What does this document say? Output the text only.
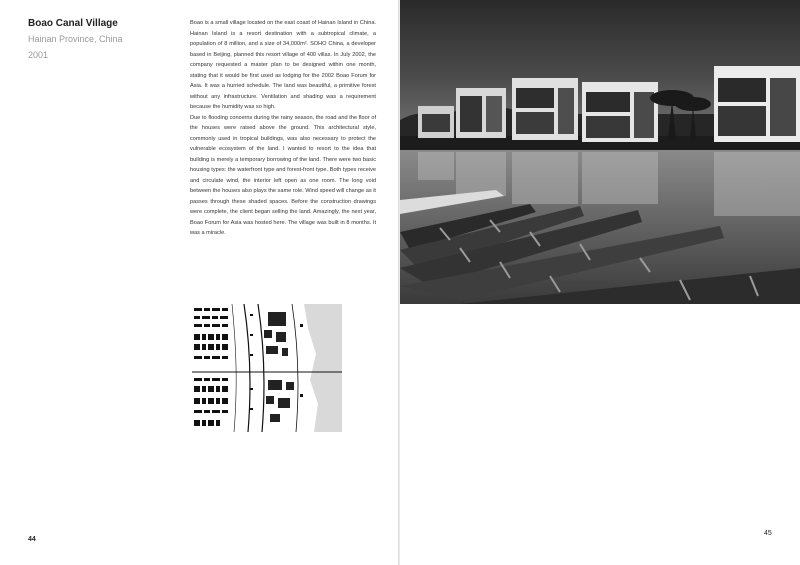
Boao Canal Village

Hainan Province, China

2001

Boao is a small village located on the east coast of Hainan Island in China. Hainan Island is a resort destination with a subtropical climate, a population of 8 million, and a size of 34,000m². SOHO China, a developer based in Beijing, planned this resort village of 400 villas. In July 2002, the company requested a master plan to be designed within one month, stating that it would be first used as lodging for the 2002 Boao Forum for Asia. It was a hurried schedule. The land was beautiful, a primitive forest without any infrastructure. Ventilation and shading was a requirement because the humidity was so high.

Due to flooding concerns during the rainy season, the road and the floor of the houses were raised above the ground. This architectural style, commonly used in tropical buildings, was also necessary to protect the vulnerable ecosystem of the land. I wanted to resort to the idea that building is merely a temporary borrowing of the land. There were two basic housing types: the waterfront type and forest-front type. Both types receive and circulate wind, the interior left open as one room. The long void between the houses also plays the same role. Wind speed will change as it passes through these shaded spaces. Before the construction drawings were complete, the client began selling the land. Amazingly, the next year, Boao Forum for Asia was hosted here. The village was built in 8 months. It was a miracle.

44

45
